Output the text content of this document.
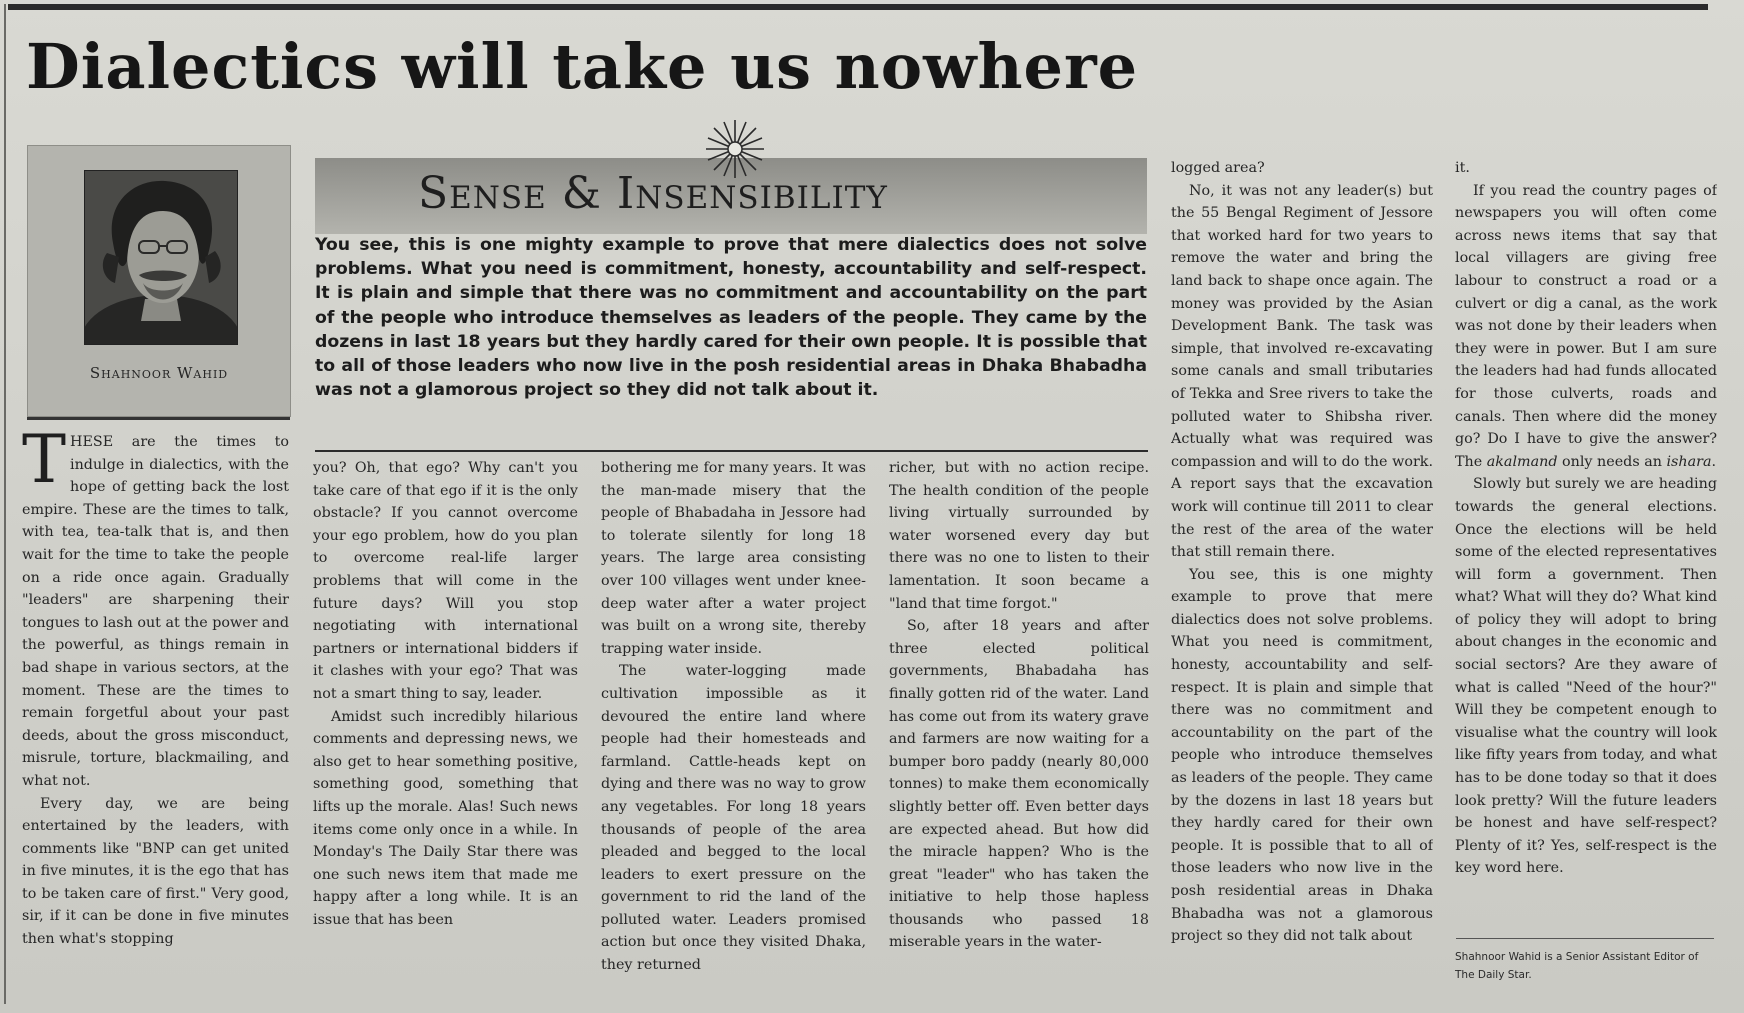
Dialectics will take us nowhere
Shahnoor Wahid
Sense & Insensibility

You see, this is one mighty example to prove that mere dialectics does not solve problems. What you need is commitment, honesty, accountability and self-respect. It is plain and simple that there was no commitment and accountability on the part of the people who introduce themselves as leaders of the people. They came by the dozens in last 18 years but they hardly cared for their own people. It is possible that to all of those leaders who now live in the posh residential areas in Dhaka Bhabadha was not a glamorous project so they did not talk about it.

THESE are the times to indulge in dialectics, with the hope of getting back the lost empire. These are the times to talk, with tea, tea-talk that is, and then wait for the time to take the people on a ride once again. Gradually "leaders" are sharpening their tongues to lash out at the power and the powerful, as things remain in bad shape in various sectors, at the moment. These are the times to remain forgetful about your past deeds, about the gross misconduct, misrule, torture, blackmailing, and what not.

Every day, we are being entertained by the leaders, with comments like "BNP can get united in five minutes, it is the ego that has to be taken care of first." Very good, sir, if it can be done in five minutes then what's stopping

you? Oh, that ego? Why can't you take care of that ego if it is the only obstacle? If you cannot overcome your ego problem, how do you plan to overcome real-life larger problems that will come in the future days? Will you stop negotiating with international partners or international bidders if it clashes with your ego? That was not a smart thing to say, leader.

Amidst such incredibly hilarious comments and depressing news, we also get to hear something positive, something good, something that lifts up the morale. Alas! Such news items come only once in a while. In Monday's The Daily Star there was one such news item that made me happy after a long while. It is an issue that has been

bothering me for many years. It was the man-made misery that the people of Bhabadaha in Jessore had to tolerate silently for long 18 years. The large area consisting over 100 villages went under knee-deep water after a water project was built on a wrong site, thereby trapping water inside.

The water-logging made cultivation impossible as it devoured the entire land where people had their homesteads and farmland. Cattle-heads kept on dying and there was no way to grow any vegetables. For long 18 years thousands of people of the area pleaded and begged to the local leaders to exert pressure on the government to rid the land of the polluted water. Leaders promised action but once they visited Dhaka, they returned

richer, but with no action recipe. The health condition of the people living virtually surrounded by water worsened every day but there was no one to listen to their lamentation. It soon became a "land that time forgot."

So, after 18 years and after three elected political governments, Bhabadaha has finally gotten rid of the water. Land has come out from its watery grave and farmers are now waiting for a bumper boro paddy (nearly 80,000 tonnes) to make them economically slightly better off. Even better days are expected ahead. But how did the miracle happen? Who is the great "leader" who has taken the initiative to help those hapless thousands who passed 18 miserable years in the water-

logged area?

No, it was not any leader(s) but the 55 Bengal Regiment of Jessore that worked hard for two years to remove the water and bring the land back to shape once again. The money was provided by the Asian Development Bank. The task was simple, that involved re-excavating some canals and small tributaries of Tekka and Sree rivers to take the polluted water to Shibsha river. Actually what was required was compassion and will to do the work. A report says that the excavation work will continue till 2011 to clear the rest of the area of the water that still remain there.

You see, this is one mighty example to prove that mere dialectics does not solve problems. What you need is commitment, honesty, accountability and self-respect. It is plain and simple that there was no commitment and accountability on the part of the people who introduce themselves as leaders of the people. They came by the dozens in last 18 years but they hardly cared for their own people. It is possible that to all of those leaders who now live in the posh residential areas in Dhaka Bhabadha was not a glamorous project so they did not talk about

it.

If you read the country pages of newspapers you will often come across news items that say that local villagers are giving free labour to construct a road or a culvert or dig a canal, as the work was not done by their leaders when they were in power. But I am sure the leaders had had funds allocated for those culverts, roads and canals. Then where did the money go? Do I have to give the answer? The akalmand only needs an ishara.

Slowly but surely we are heading towards the general elections. Once the elections will be held some of the elected representatives will form a government. Then what? What will they do? What kind of policy they will adopt to bring about changes in the economic and social sectors? Are they aware of what is called "Need of the hour?" Will they be competent enough to visualise what the country will look like fifty years from today, and what has to be done today so that it does look pretty? Will the future leaders be honest and have self-respect? Plenty of it? Yes, self-respect is the key word here.

Shahnoor Wahid is a Senior Assistant Editor of The Daily Star.
